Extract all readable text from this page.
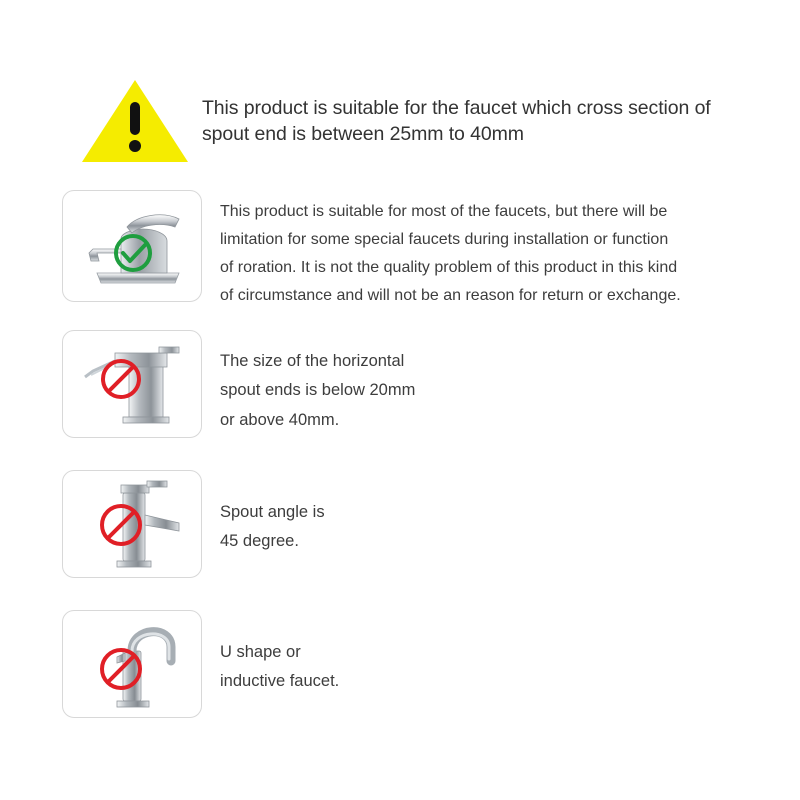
This product is suitable for the faucet which cross section of spout end is between 25mm to 40mm

This product is suitable for most of the faucets, but there will be

limitation for some special faucets during installation or function

of roration. It is not the quality problem of this product in this kind

of circumstance and will not be an reason for return or exchange.

The size of the horizontal

spout ends is below 20mm

or above 40mm.

Spout angle is

45 degree.

U shape or

inductive faucet.
